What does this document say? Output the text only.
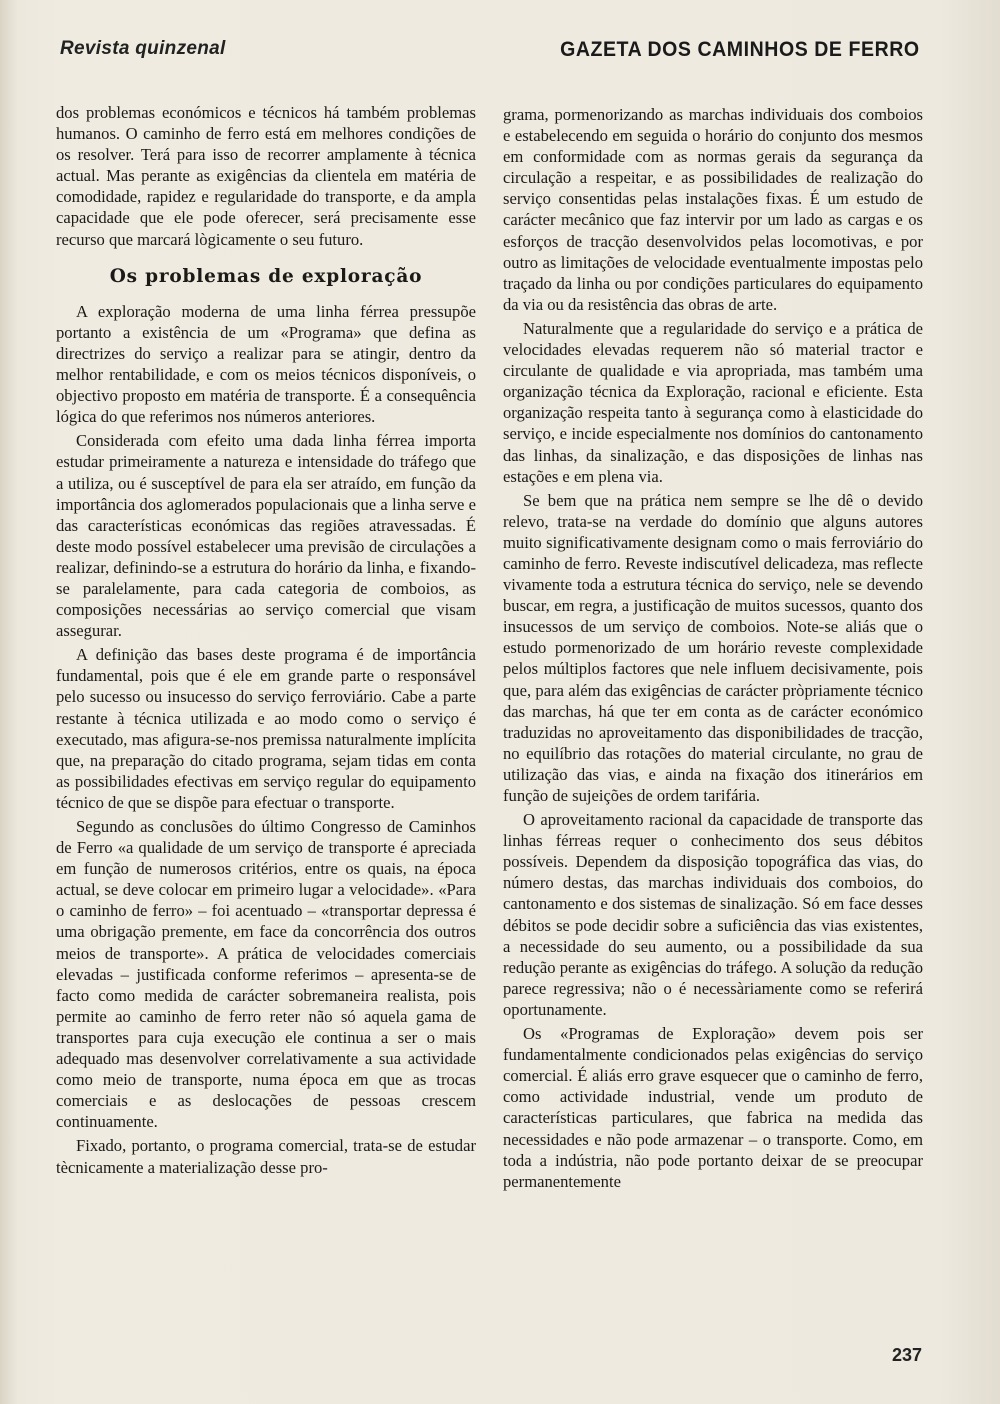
Revista quinzenal	GAZETA DOS CAMINHOS DE FERRO

dos problemas económicos e técnicos há também problemas humanos. O caminho de ferro está em melhores condições de os resolver. Terá para isso de recorrer amplamente à técnica actual. Mas perante as exigências da clientela em matéria de comodidade, rapidez e regularidade do transporte, e da ampla capacidade que ele pode oferecer, será precisamente esse recurso que marcará lògicamente o seu futuro.

Os problemas de exploração

A exploração moderna de uma linha férrea pressupõe portanto a existência de um «Programa» que defina as directrizes do serviço a realizar para se atingir, dentro da melhor rentabilidade, e com os meios técnicos disponíveis, o objectivo proposto em matéria de transporte. É a consequência lógica do que referimos nos números anteriores.

Considerada com efeito uma dada linha férrea importa estudar primeiramente a natureza e intensidade do tráfego que a utiliza, ou é susceptível de para ela ser atraído, em função da importância dos aglomerados populacionais que a linha serve e das características económicas das regiões atravessadas. É deste modo possível estabelecer uma previsão de circulações a realizar, definindo-se a estrutura do horário da linha, e fixando-se paralelamente, para cada categoria de comboios, as composições necessárias ao serviço comercial que visam assegurar.

A definição das bases deste programa é de importância fundamental, pois que é ele em grande parte o responsável pelo sucesso ou insucesso do serviço ferroviário. Cabe a parte restante à técnica utilizada e ao modo como o serviço é executado, mas afigura-se-nos premissa naturalmente implícita que, na preparação do citado programa, sejam tidas em conta as possibilidades efectivas em serviço regular do equipamento técnico de que se dispõe para efectuar o transporte.

Segundo as conclusões do último Congresso de Caminhos de Ferro «a qualidade de um serviço de transporte é apreciada em função de numerosos critérios, entre os quais, na época actual, se deve colocar em primeiro lugar a velocidade». «Para o caminho de ferro» – foi acentuado – «transportar depressa é uma obrigação premente, em face da concorrência dos outros meios de transporte». A prática de velocidades comerciais elevadas – justificada conforme referimos – apresenta-se de facto como medida de carácter sobremaneira realista, pois permite ao caminho de ferro reter não só aquela gama de transportes para cuja execução ele continua a ser o mais adequado mas desenvolver correlativamente a sua actividade como meio de transporte, numa época em que as trocas comerciais e as deslocações de pessoas crescem continuamente.

Fixado, portanto, o programa comercial, trata-se de estudar tècnicamente a materialização desse pro-

grama, pormenorizando as marchas individuais dos comboios e estabelecendo em seguida o horário do conjunto dos mesmos em conformidade com as normas gerais da segurança da circulação a respeitar, e as possibilidades de realização do serviço consentidas pelas instalações fixas. É um estudo de carácter mecânico que faz intervir por um lado as cargas e os esforços de tracção desenvolvidos pelas locomotivas, e por outro as limitações de velocidade eventualmente impostas pelo traçado da linha ou por condições particulares do equipamento da via ou da resistência das obras de arte.

Naturalmente que a regularidade do serviço e a prática de velocidades elevadas requerem não só material tractor e circulante de qualidade e via apropriada, mas também uma organização técnica da Exploração, racional e eficiente. Esta organização respeita tanto à segurança como à elasticidade do serviço, e incide especialmente nos domínios do cantonamento das linhas, da sinalização, e das disposições de linhas nas estações e em plena via.

Se bem que na prática nem sempre se lhe dê o devido relevo, trata-se na verdade do domínio que alguns autores muito significativamente designam como o mais ferroviário do caminho de ferro. Reveste indiscutível delicadeza, mas reflecte vivamente toda a estrutura técnica do serviço, nele se devendo buscar, em regra, a justificação de muitos sucessos, quanto dos insucessos de um serviço de comboios. Note-se aliás que o estudo pormenorizado de um horário reveste complexidade pelos múltiplos factores que nele influem decisivamente, pois que, para além das exigências de carácter pròpriamente técnico das marchas, há que ter em conta as de carácter económico traduzidas no aproveitamento das disponibilidades de tracção, no equilíbrio das rotações do material circulante, no grau de utilização das vias, e ainda na fixação dos itinerários em função de sujeições de ordem tarifária.

O aproveitamento racional da capacidade de transporte das linhas férreas requer o conhecimento dos seus débitos possíveis. Dependem da disposição topográfica das vias, do número destas, das marchas individuais dos comboios, do cantonamento e dos sistemas de sinalização. Só em face desses débitos se pode decidir sobre a suficiência das vias existentes, a necessidade do seu aumento, ou a possibilidade da sua redução perante as exigências do tráfego. A solução da redução parece regressiva; não o é necessàriamente como se referirá oportunamente.

Os «Programas de Exploração» devem pois ser fundamentalmente condicionados pelas exigências do serviço comercial. É aliás erro grave esquecer que o caminho de ferro, como actividade industrial, vende um produto de características particulares, que fabrica na medida das necessidades e não pode armazenar – o transporte. Como, em toda a indústria, não pode portanto deixar de se preocupar permanentemente

237
